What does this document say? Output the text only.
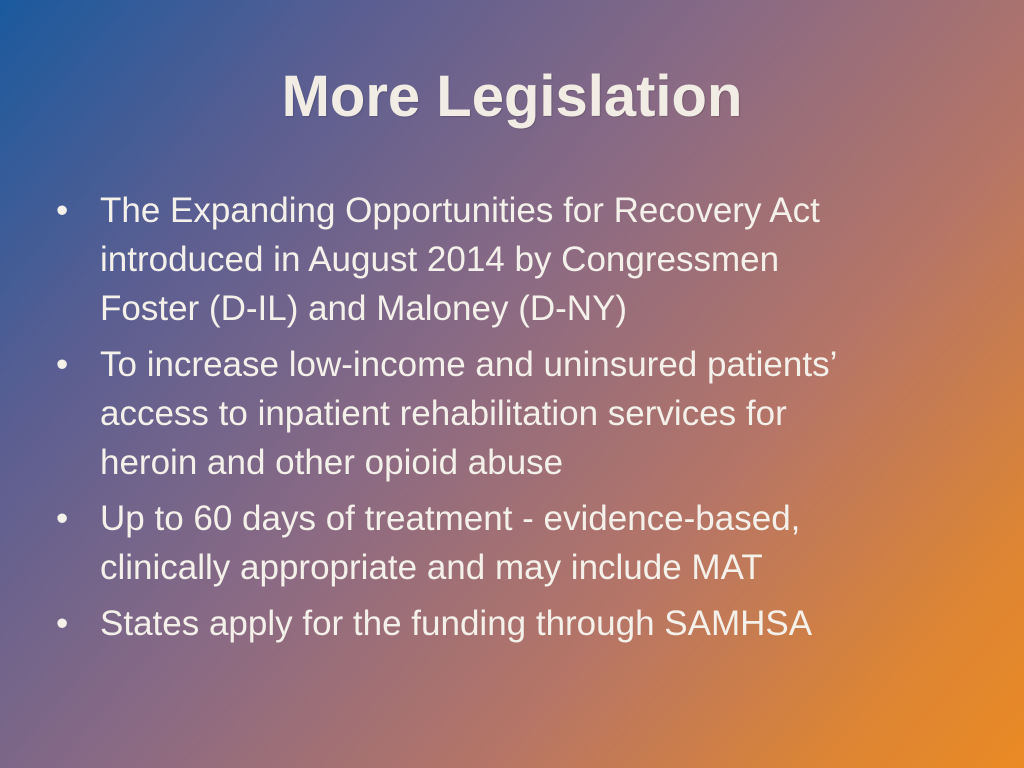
More Legislation
• The Expanding Opportunities for Recovery Act
introduced in August 2014 by Congressmen
Foster (D-IL) and Maloney (D-NY)
• To increase low-income and uninsured patients’
access to inpatient rehabilitation services for
heroin and other opioid abuse
• Up to 60 days of treatment - evidence-based,
clinically appropriate and may include MAT
• States apply for the funding through SAMHSA
